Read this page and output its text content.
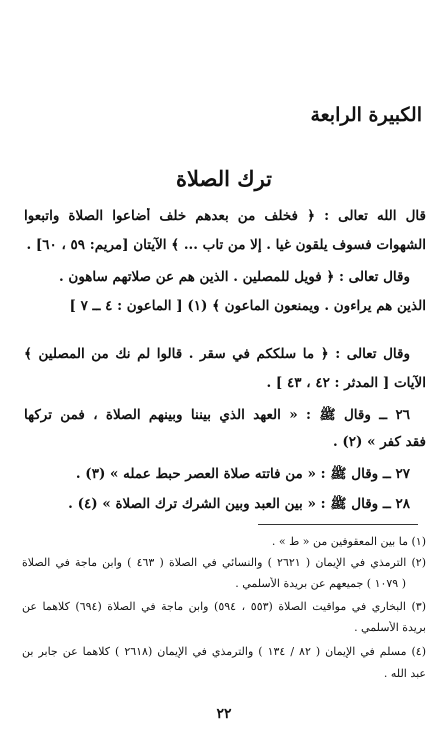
الكبيرة الرابعة
ترك الصلاة
قال الله تعالى : ﴿ فخلف من بعدهم خلف أضاعوا الصلاة واتبعوا
الشهوات فسوف يلقون غيا . إلا من تاب ... ﴾ الآيتان [مريم: ٥٩ ، ٦٠] .
وقال تعالى : ﴿ فويل للمصلين . الذين هم عن صلاتهم ساهون .
الذين هم يراءون . ويمنعون الماعون ﴾ (١) [ الماعون : ٤ ــ ٧ ]
وقال تعالى : ﴿ ما سلككم في سقر . قالوا لم نك من المصلين ﴾
الآيات [ المدثر : ٤٢ ، ٤٣ ] .
٢٦ ــ وقال ﷺ : « العهد الذي بيننا وبينهم الصلاة ، فمن تركها
فقد كفر » (٢) .
٢٧ ــ وقال ﷺ : « من فاتته صلاة العصر حبط عمله » (٣) .
٢٨ ــ وقال ﷺ : « بين العبد وبين الشرك ترك الصلاة » (٤) .
(١) ما بين المعقوفين من « ط » .
(٢) الترمذي في الإيمان ( ٢٦٢١ ) والنسائي في الصلاة ( ٤٦٣ ) وابن ماجة في الصلاة
( ١٠٧٩ ) جميعهم عن بريدة الأسلمي .
(٣) البخاري في مواقيت الصلاة (٥٥٣ ، ٥٩٤) وابن ماجة في الصلاة (٦٩٤) كلاهما عن
بريدة الأسلمي .
(٤) مسلم في الإيمان ( ٨٢ / ١٣٤ ) والترمذي في الإيمان (٢٦١٨ ) كلاهما عن جابر بن
عبد الله .
٢٢
